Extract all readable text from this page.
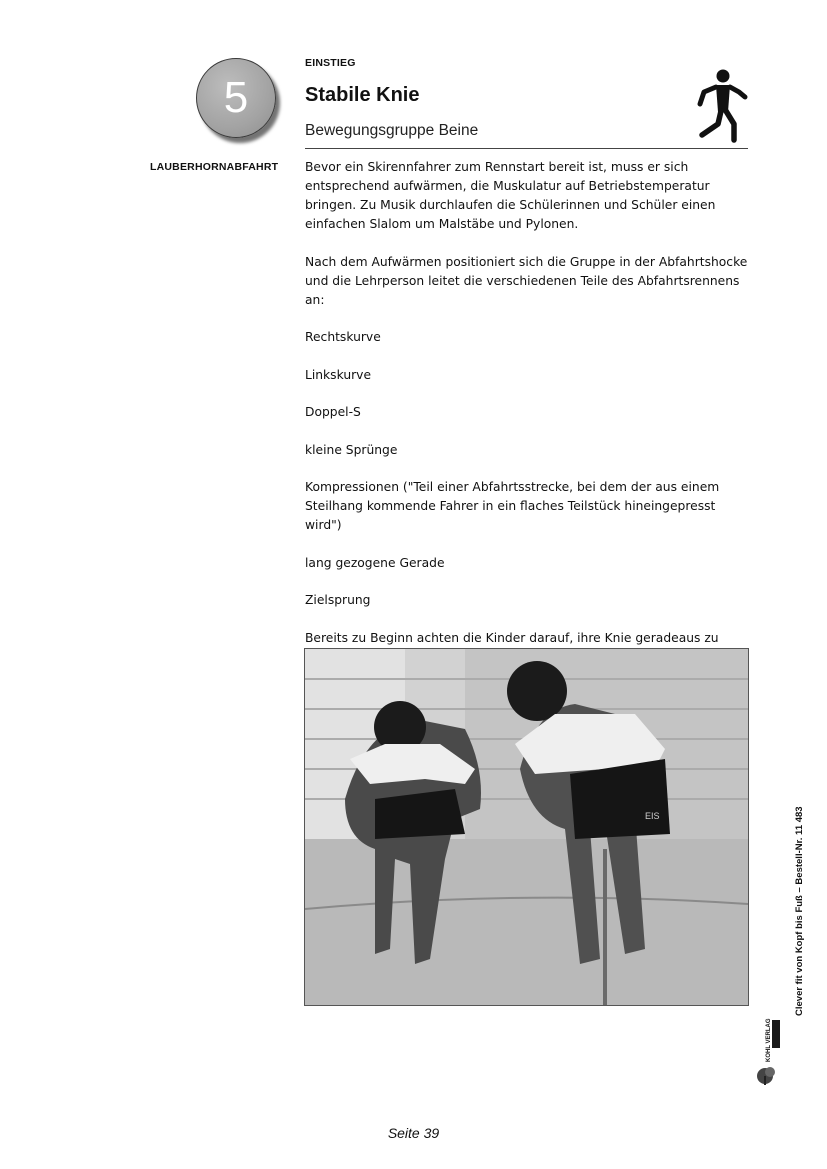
5
EINSTIEG
Stabile Knie
Bewegungsgruppe Beine
LAUBERHORNABFAHRT Bevor ein Skirennfahrer zum Rennstart bereit ist, muss er sich entsprechend aufwärmen, die Muskulatur auf Betriebstemperatur bringen. Zu Musik durchlaufen die Schülerinnen und Schüler einen einfachen Slalom um Malstäbe und Pylonen.

Nach dem Aufwärmen positioniert sich die Gruppe in der Abfahrtshocke und die Lehrperson leitet die verschiedenen Teile des Abfahrtsrennens an:

Rechtskurve

Linkskurve

Doppel-S

kleine Sprünge

Kompressionen ("Teil einer Abfahrtsstrecke, bei dem der aus einem Steilhang kommende Fahrer in ein flaches Teilstück hineingepresst wird")

lang gezogene Gerade

Zielsprung

Bereits zu Beginn achten die Kinder darauf, ihre Knie geradeaus zu

EIS	Clever fit von Kopf bis Fuß – Bestell-Nr. 11 483
KOHL VERLAG
Seite 39
